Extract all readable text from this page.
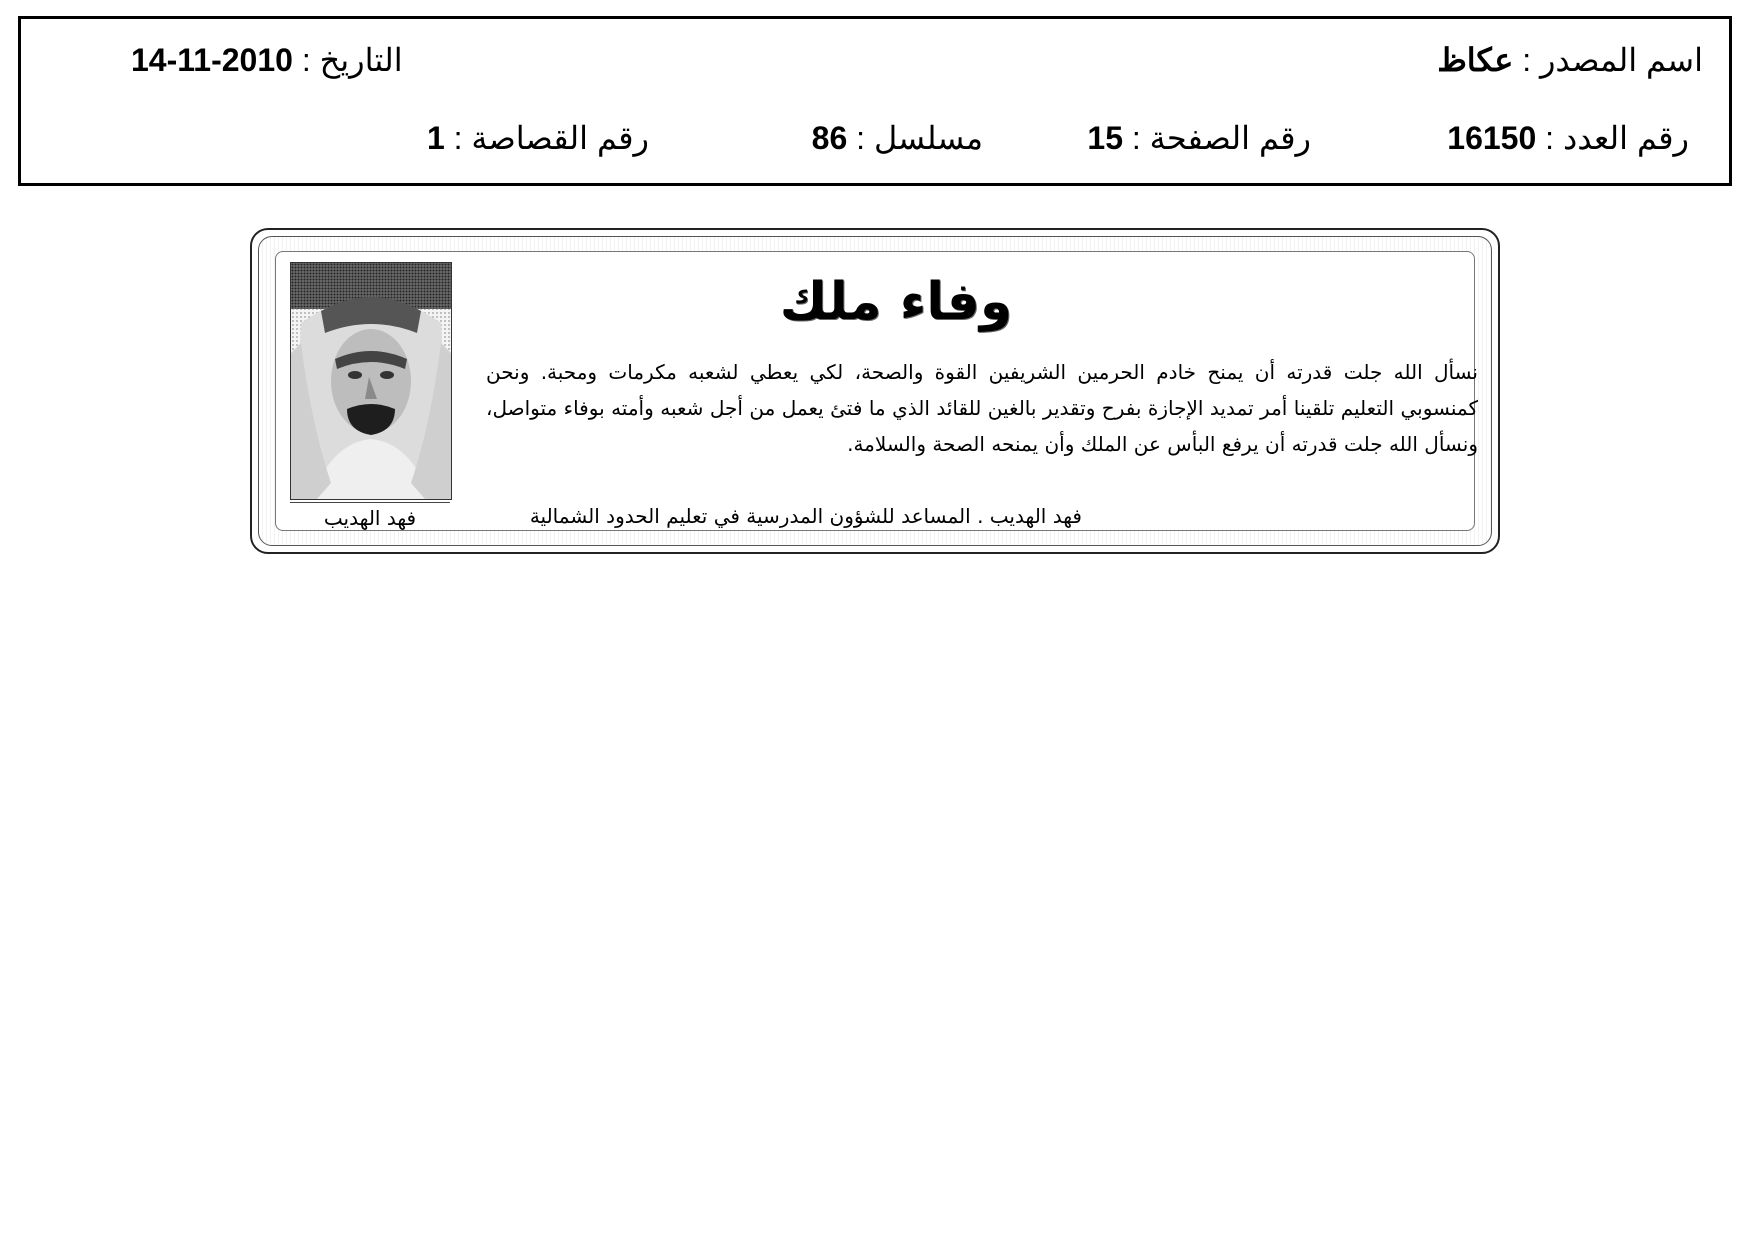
اسم المصدر : عكاظ
التاريخ : 14-11-2010
رقم العدد : 16150
رقم الصفحة : 15
مسلسل : 86
رقم القصاصة : 1
فهد الهديب
وفاء ملك

نسأل الله جلت قدرته أن يمنح خادم الحرمين الشريفين القوة والصحة، لكي يعطي لشعبه مكرمات ومحبة. ونحن كمنسوبي التعليم تلقينا أمر تمديد الإجازة بفرح وتقدير بالغين للقائد الذي ما فتئ يعمل من أجل شعبه وأمته بوفاء متواصل، ونسأل الله جلت قدرته أن يرفع البأس عن الملك وأن يمنحه الصحة والسلامة.

فهد الهديب . المساعد للشؤون المدرسية في تعليم الحدود الشمالية
